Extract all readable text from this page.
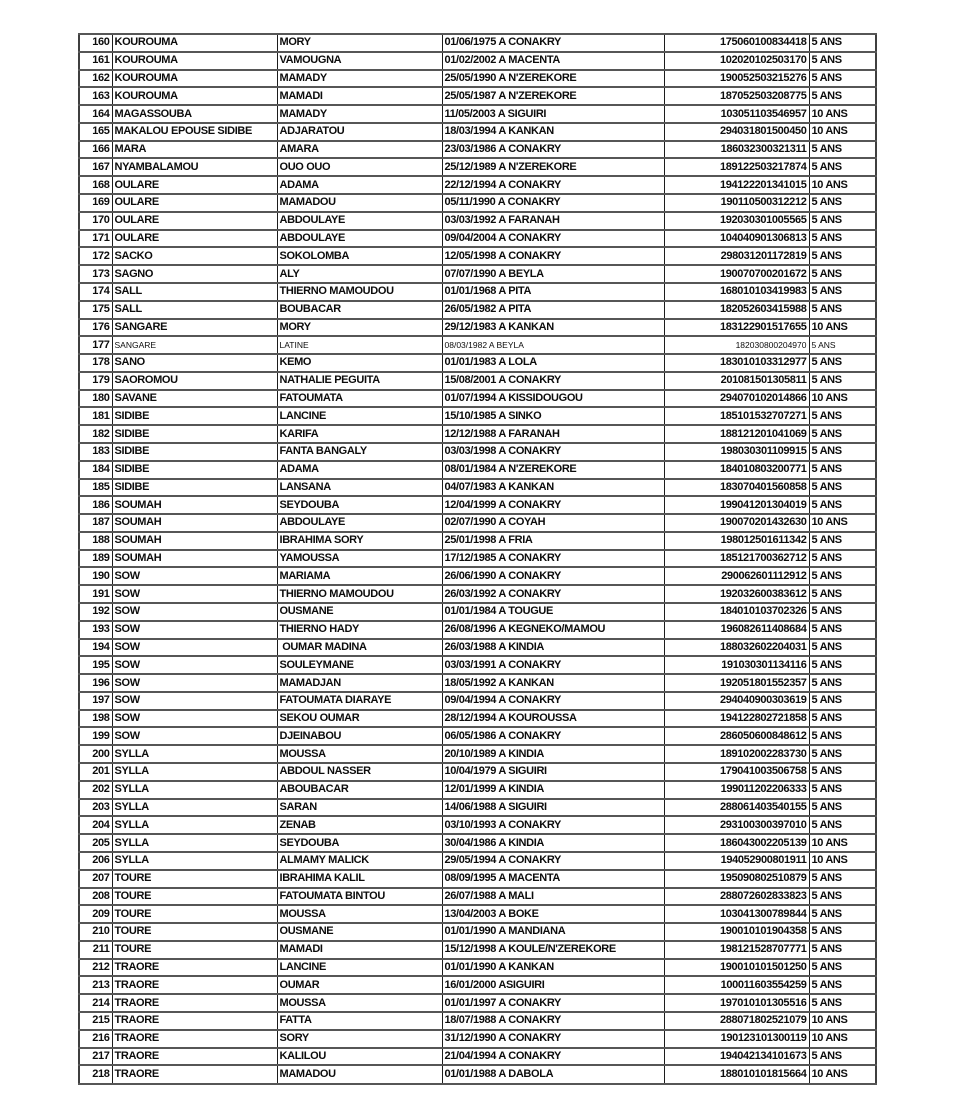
160	KOUROUMA	MORY	01/06/1975 A CONAKRY	175060100834418	5 ANS
161	KOUROUMA	VAMOUGNA	01/02/2002 A MACENTA	102020102503170	5 ANS
162	KOUROUMA	MAMADY	25/05/1990 A N'ZEREKORE	190052503215276	5 ANS
163	KOUROUMA	MAMADI	25/05/1987 A N'ZEREKORE	187052503208775	5 ANS
164	MAGASSOUBA	MAMADY	11/05/2003 A SIGUIRI	103051103546957	10 ANS
165	MAKALOU EPOUSE SIDIBE	ADJARATOU	18/03/1994 A KANKAN	294031801500450	10 ANS
166	MARA	AMARA	23/03/1986 A CONAKRY	186032300321311	5 ANS
167	NYAMBALAMOU	OUO OUO	25/12/1989 A N'ZEREKORE	189122503217874	5 ANS
168	OULARE	ADAMA	22/12/1994 A CONAKRY	194122201341015	10 ANS
169	OULARE	MAMADOU	05/11/1990 A CONAKRY	190110500312212	5 ANS
170	OULARE	ABDOULAYE	03/03/1992 A FARANAH	192030301005565	5 ANS
171	OULARE	ABDOULAYE	09/04/2004 A CONAKRY	104040901306813	5 ANS
172	SACKO	SOKOLOMBA	12/05/1998 A CONAKRY	298031201172819	5 ANS
173	SAGNO	ALY	07/07/1990 A BEYLA	190070700201672	5 ANS
174	SALL	THIERNO MAMOUDOU	01/01/1968 A PITA	168010103419983	5 ANS
175	SALL	BOUBACAR	26/05/1982 A PITA	182052603415988	5 ANS
176	SANGARE	MORY	29/12/1983 A KANKAN	183122901517655	10 ANS
177	SANGARE	LATINE	08/03/1982 A BEYLA	182030800204970	5 ANS
178	SANO	KEMO	01/01/1983 A LOLA	183010103312977	5 ANS
179	SAOROMOU	NATHALIE PEGUITA	15/08/2001 A CONAKRY	201081501305811	5 ANS
180	SAVANE	FATOUMATA	01/07/1994 A KISSIDOUGOU	294070102014866	10 ANS
181	SIDIBE	LANCINE	15/10/1985 A SINKO	185101532707271	5 ANS
182	SIDIBE	KARIFA	12/12/1988 A FARANAH	188121201041069	5 ANS
183	SIDIBE	FANTA BANGALY	03/03/1998 A CONAKRY	198030301109915	5 ANS
184	SIDIBE	ADAMA	08/01/1984 A N'ZEREKORE	184010803200771	5 ANS
185	SIDIBE	LANSANA	04/07/1983 A KANKAN	183070401560858	5 ANS
186	SOUMAH	SEYDOUBA	12/04/1999 A CONAKRY	199041201304019	5 ANS
187	SOUMAH	ABDOULAYE	02/07/1990 A COYAH	190070201432630	10 ANS
188	SOUMAH	IBRAHIMA SORY	25/01/1998 A FRIA	198012501611342	5 ANS
189	SOUMAH	YAMOUSSA	17/12/1985 A CONAKRY	185121700362712	5 ANS
190	SOW	MARIAMA	26/06/1990 A CONAKRY	290062601112912	5 ANS
191	SOW	THIERNO MAMOUDOU	26/03/1992 A CONAKRY	192032600383612	5 ANS
192	SOW	OUSMANE	01/01/1984 A TOUGUE	184010103702326	5 ANS
193	SOW	THIERNO HADY	26/08/1996 A KEGNEKO/MAMOU	196082611408684	5 ANS
194	SOW	OUMAR MADINA	26/03/1988 A KINDIA	188032602204031	5 ANS
195	SOW	SOULEYMANE	03/03/1991 A CONAKRY	191030301134116	5 ANS
196	SOW	MAMADJAN	18/05/1992 A KANKAN	192051801552357	5 ANS
197	SOW	FATOUMATA DIARAYE	09/04/1994 A CONAKRY	294040900303619	5 ANS
198	SOW	SEKOU OUMAR	28/12/1994 A KOUROUSSA	194122802721858	5 ANS
199	SOW	DJEINABOU	06/05/1986 A CONAKRY	286050600848612	5 ANS
200	SYLLA	MOUSSA	20/10/1989 A KINDIA	189102002283730	5 ANS
201	SYLLA	ABDOUL NASSER	10/04/1979 A SIGUIRI	179041003506758	5 ANS
202	SYLLA	ABOUBACAR	12/01/1999 A KINDIA	199011202206333	5 ANS
203	SYLLA	SARAN	14/06/1988 A SIGUIRI	288061403540155	5 ANS
204	SYLLA	ZENAB	03/10/1993 A CONAKRY	293100300397010	5 ANS
205	SYLLA	SEYDOUBA	30/04/1986 A KINDIA	186043002205139	10 ANS
206	SYLLA	ALMAMY MALICK	29/05/1994 A CONAKRY	194052900801911	10 ANS
207	TOURE	IBRAHIMA KALIL	08/09/1995 A MACENTA	195090802510879	5 ANS
208	TOURE	FATOUMATA BINTOU	26/07/1988 A MALI	288072602833823	5 ANS
209	TOURE	MOUSSA	13/04/2003 A BOKE	103041300789844	5 ANS
210	TOURE	OUSMANE	01/01/1990 A MANDIANA	190010101904358	5 ANS
211	TOURE	MAMADI	15/12/1998 A KOULE/N'ZEREKORE	198121528707771	5 ANS
212	TRAORE	LANCINE	01/01/1990 A KANKAN	190010101501250	5 ANS
213	TRAORE	OUMAR	16/01/2000 ASIGUIRI	100011603554259	5 ANS
214	TRAORE	MOUSSA	01/01/1997 A CONAKRY	197010101305516	5 ANS
215	TRAORE	FATTA	18/07/1988 A CONAKRY	288071802521079	10 ANS
216	TRAORE	SORY	31/12/1990 A CONAKRY	190123101300119	10 ANS
217	TRAORE	KALILOU	21/04/1994 A CONAKRY	194042134101673	5 ANS
218	TRAORE	MAMADOU	01/01/1988 A DABOLA	188010101815664	10 ANS
